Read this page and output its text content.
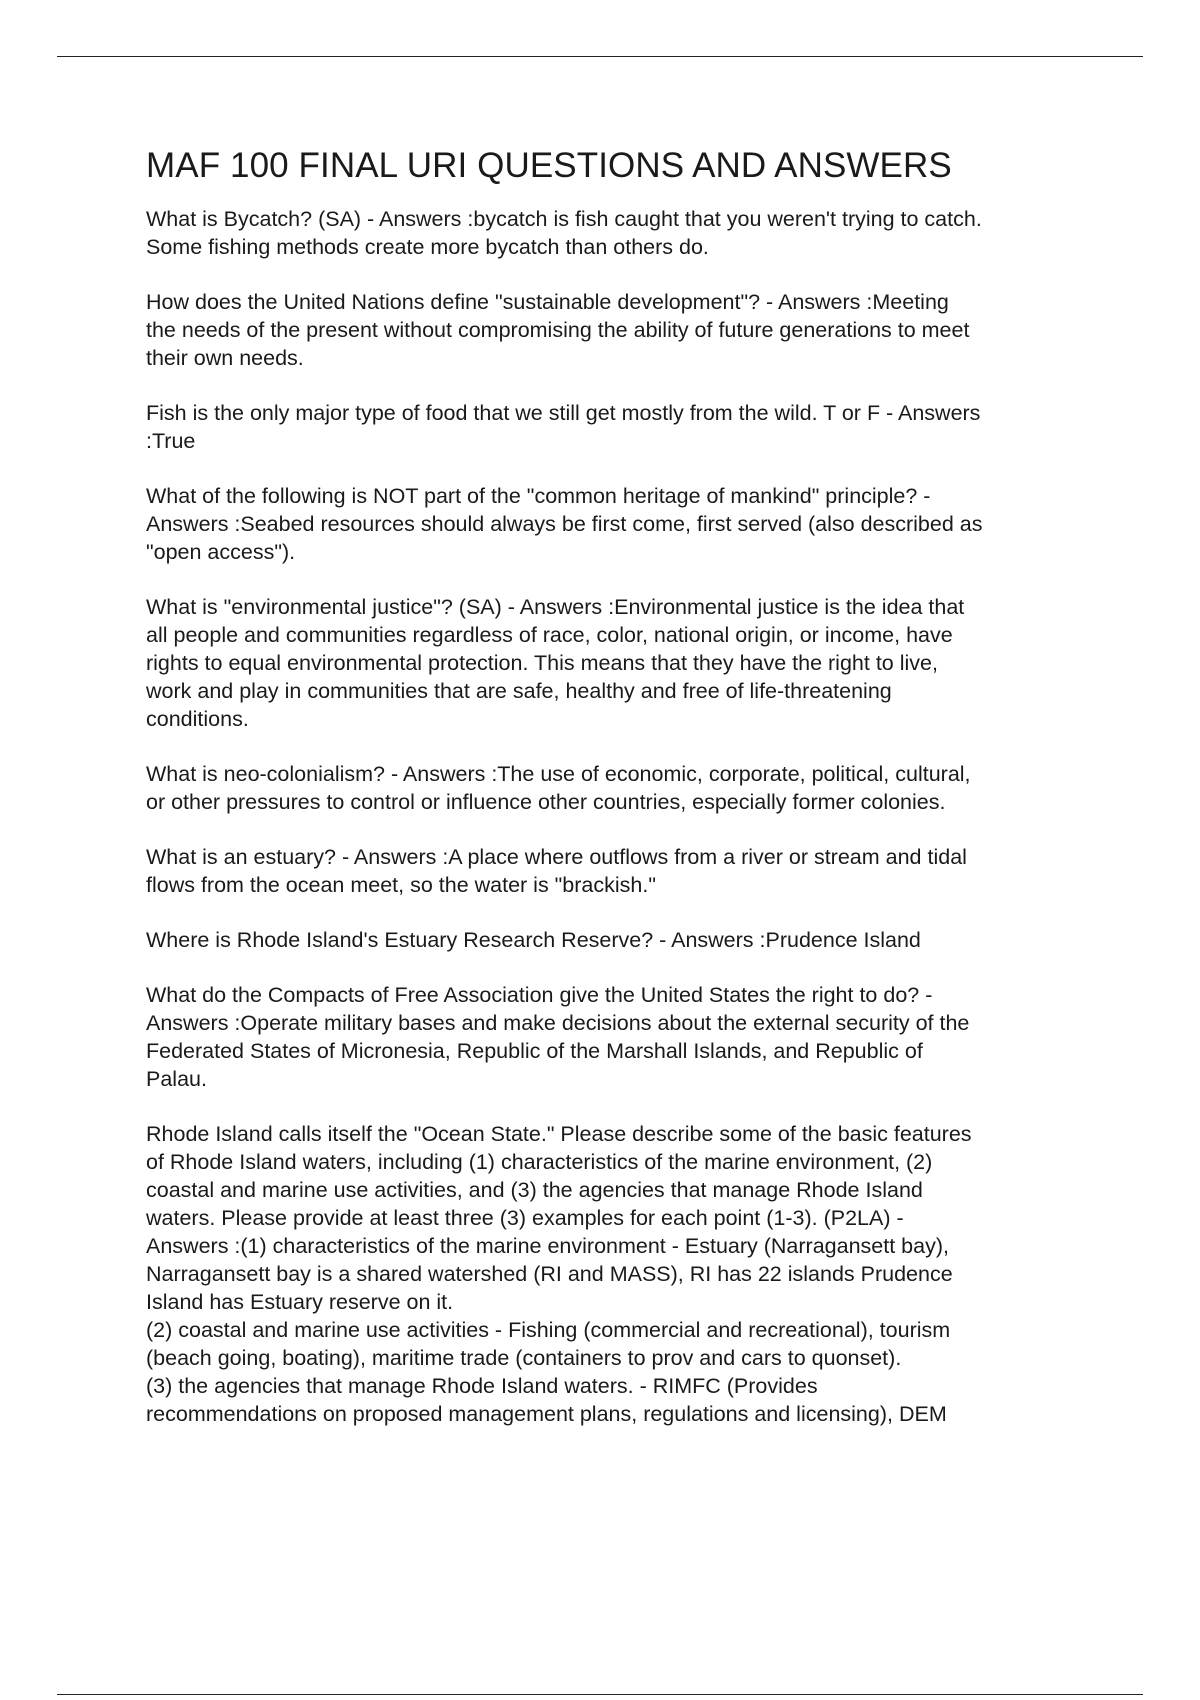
MAF 100 FINAL URI QUESTIONS AND ANSWERS

What is Bycatch? (SA) - Answers :bycatch is fish caught that you weren't trying to catch.
Some fishing methods create more bycatch than others do.

How does the United Nations define "sustainable development"? - Answers :Meeting
the needs of the present without compromising the ability of future generations to meet
their own needs.

Fish is the only major type of food that we still get mostly from the wild. T or F - Answers
:True

What of the following is NOT part of the "common heritage of mankind" principle? -
Answers :Seabed resources should always be first come, first served (also described as
"open access").

What is "environmental justice"? (SA) - Answers :Environmental justice is the idea that
all people and communities regardless of race, color, national origin, or income, have
rights to equal environmental protection. This means that they have the right to live,
work and play in communities that are safe, healthy and free of life-threatening
conditions.

What is neo-colonialism? - Answers :The use of economic, corporate, political, cultural,
or other pressures to control or influence other countries, especially former colonies.

What is an estuary? - Answers :A place where outflows from a river or stream and tidal
flows from the ocean meet, so the water is "brackish."

Where is Rhode Island's Estuary Research Reserve? - Answers :Prudence Island

What do the Compacts of Free Association give the United States the right to do? -
Answers :Operate military bases and make decisions about the external security of the
Federated States of Micronesia, Republic of the Marshall Islands, and Republic of
Palau.

Rhode Island calls itself the "Ocean State." Please describe some of the basic features
of Rhode Island waters, including (1) characteristics of the marine environment, (2)
coastal and marine use activities, and (3) the agencies that manage Rhode Island
waters. Please provide at least three (3) examples for each point (1-3). (P2LA) -
Answers :(1) characteristics of the marine environment - Estuary (Narragansett bay),
Narragansett bay is a shared watershed (RI and MASS), RI has 22 islands Prudence
Island has Estuary reserve on it.
(2) coastal and marine use activities - Fishing (commercial and recreational), tourism
(beach going, boating), maritime trade (containers to prov and cars to quonset).
(3) the agencies that manage Rhode Island waters. - RIMFC (Provides
recommendations on proposed management plans, regulations and licensing), DEM
